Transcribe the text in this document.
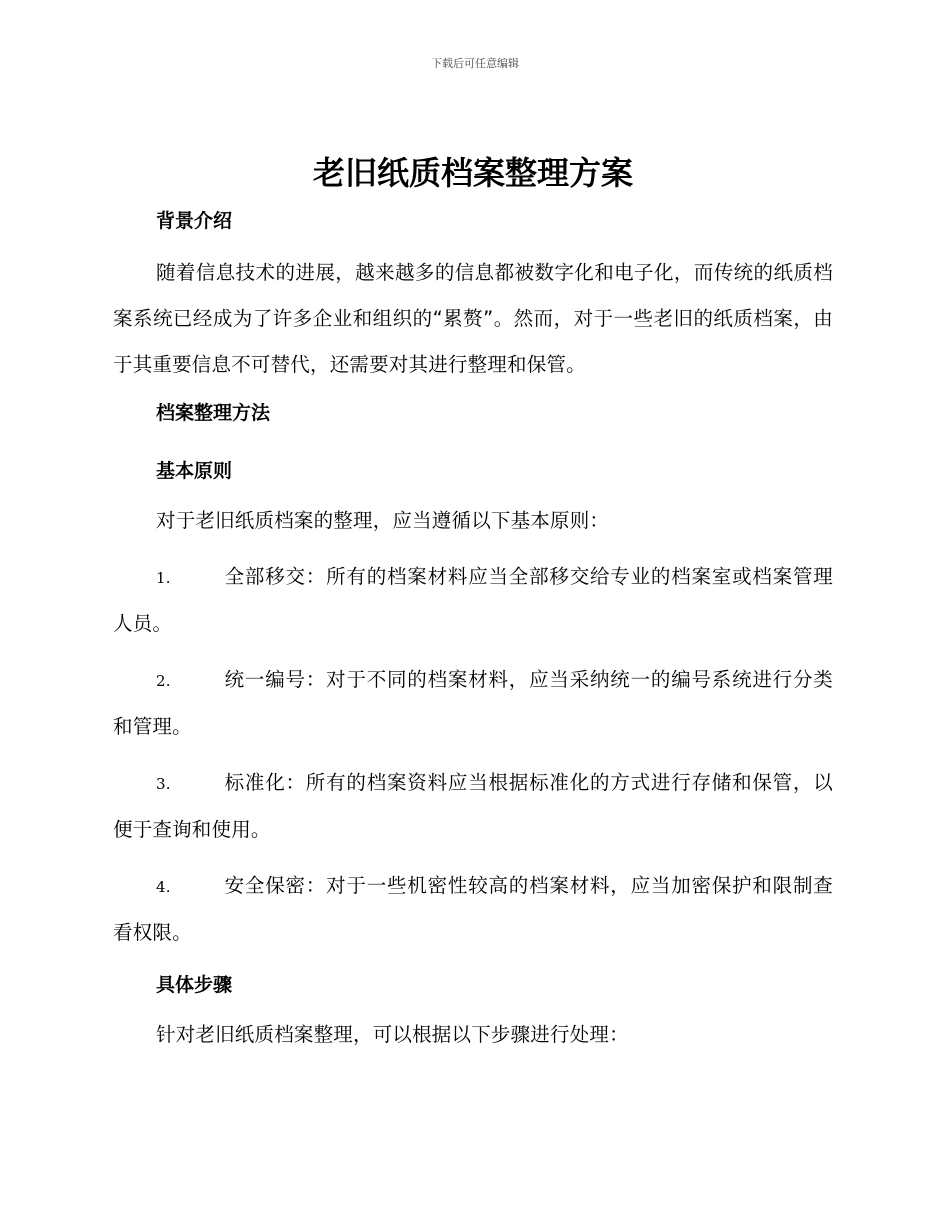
下载后可任意编辑
老旧纸质档案整理方案
背景介绍

随着信息技术的进展，越来越多的信息都被数字化和电子化，而传统的纸质档案系统已经成为了许多企业和组织的“累赘”。然而，对于一些老旧的纸质档案，由于其重要信息不可替代，还需要对其进行整理和保管。

档案整理方法
基本原则

对于老旧纸质档案的整理，应当遵循以下基本原则：

1.	全部移交：所有的档案材料应当全部移交给专业的档案室或档案管理人员。

2.	统一编号：对于不同的档案材料，应当采纳统一的编号系统进行分类和管理。

3.	标准化：所有的档案资料应当根据标准化的方式进行存储和保管，以便于查询和使用。

4.	安全保密：对于一些机密性较高的档案材料，应当加密保护和限制查看权限。

具体步骤

针对老旧纸质档案整理，可以根据以下步骤进行处理：
